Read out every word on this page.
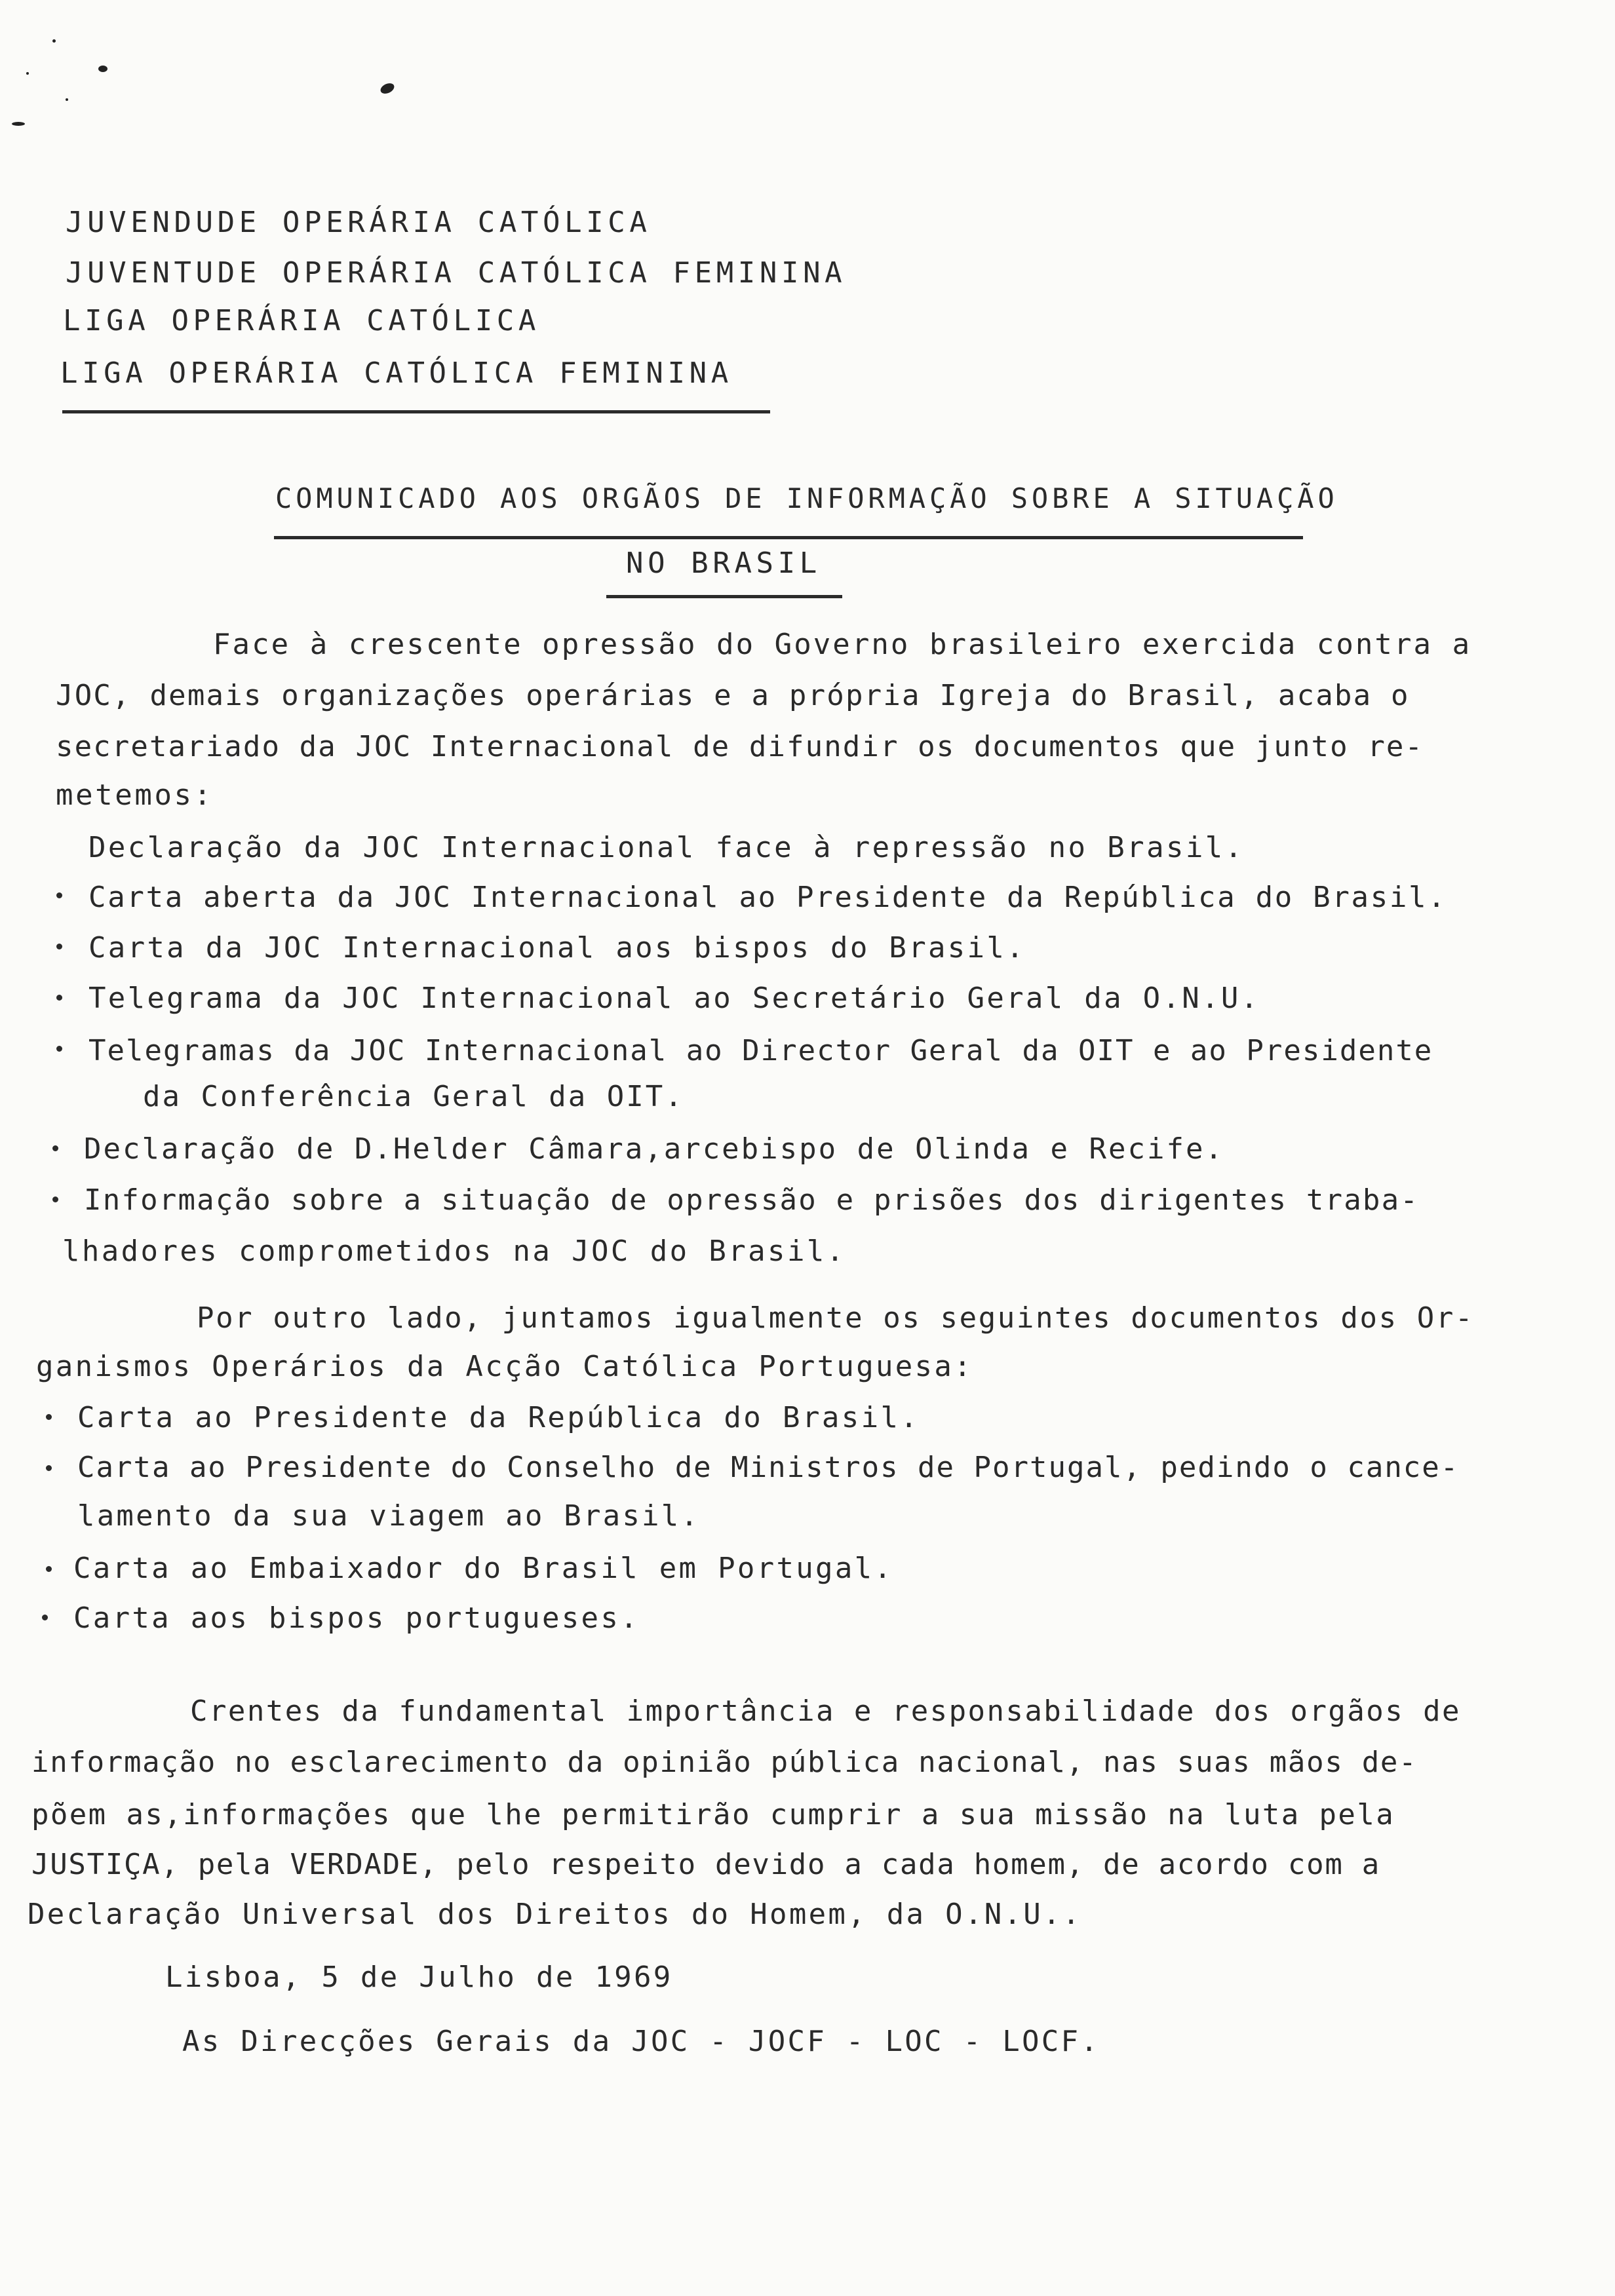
JUVENDUDE OPERÁRIA CATÓLICA
JUVENTUDE OPERÁRIA CATÓLICA FEMININA
LIGA OPERÁRIA CATÓLICA
LIGA OPERÁRIA CATÓLICA FEMININA
COMUNICADO AOS ORGÃOS DE INFORMAÇÃO SOBRE A SITUAÇÃO
NO BRASIL
Face à crescente opressão do Governo brasileiro exercida contra a
JOC, demais organizações operárias e a própria Igreja do Brasil, acaba o
secretariado da JOC Internacional de difundir os documentos que junto re-
metemos:
Declaração da JOC Internacional face à repressão no Brasil.
Carta aberta da JOC Internacional ao Presidente da República do Brasil.
Carta da JOC Internacional aos bispos do Brasil.
Telegrama da JOC Internacional ao Secretário Geral da O.N.U.
Telegramas da JOC Internacional ao Director Geral da OIT e ao Presidente
da Conferência Geral da OIT.
Declaração de D.Helder Câmara,arcebispo de Olinda e Recife.
Informação sobre a situação de opressão e prisões dos dirigentes traba-
lhadores comprometidos na JOC do Brasil.
Por outro lado, juntamos igualmente os seguintes documentos dos Or-
ganismos Operários da Acção Católica Portuguesa:
Carta ao Presidente da República do Brasil.
Carta ao Presidente do Conselho de Ministros de Portugal, pedindo o cance-
lamento da sua viagem ao Brasil.
Carta ao Embaixador do Brasil em Portugal.
Carta aos bispos portugueses.
Crentes da fundamental importância e responsabilidade dos orgãos de
informação no esclarecimento da opinião pública nacional, nas suas mãos de-
põem as,informações que lhe permitirão cumprir a sua missão na luta pela
JUSTIÇA, pela VERDADE, pelo respeito devido a cada homem, de acordo com a
Declaração Universal dos Direitos do Homem, da O.N.U..
Lisboa, 5 de Julho de 1969
As Direcções Gerais da JOC - JOCF - LOC - LOCF.
